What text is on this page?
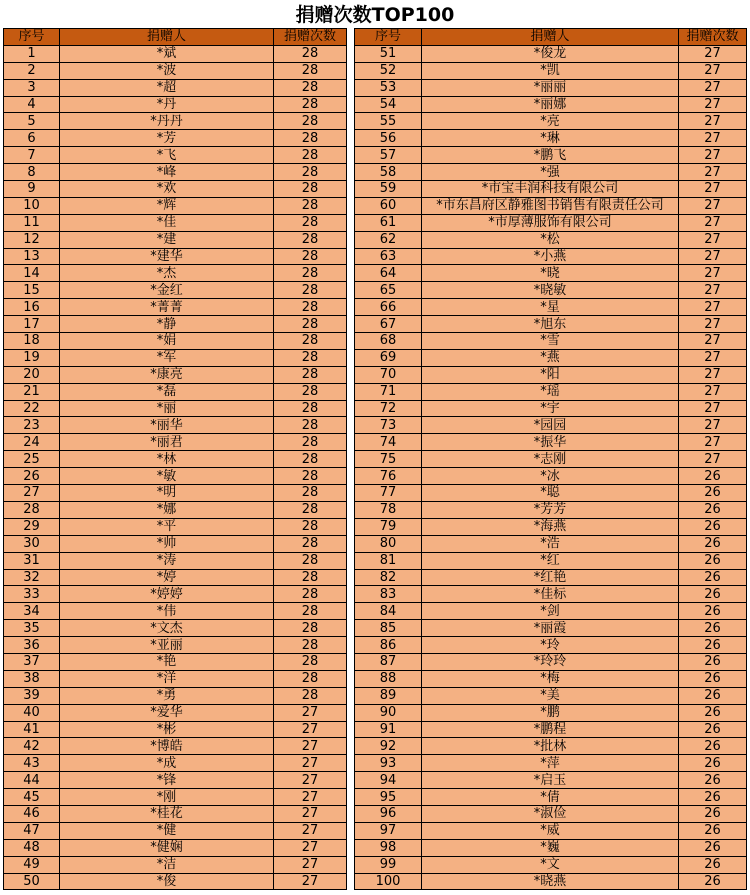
捐赠次数TOP100
序号	捐赠人	捐赠次数
1	*斌	28
2	*波	28
3	*超	28
4	*丹	28
5	*丹丹	28
6	*芳	28
7	*飞	28
8	*峰	28
9	*欢	28
10	*辉	28
11	*佳	28
12	*建	28
13	*建华	28
14	*杰	28
15	*金红	28
16	*菁菁	28
17	*静	28
18	*娟	28
19	*军	28
20	*康亮	28
21	*磊	28
22	*丽	28
23	*丽华	28
24	*丽君	28
25	*林	28
26	*敏	28
27	*明	28
28	*娜	28
29	*平	28
30	*帅	28
31	*涛	28
32	*婷	28
33	*婷婷	28
34	*伟	28
35	*文杰	28
36	*亚丽	28
37	*艳	28
38	*洋	28
39	*勇	28
40	*爱华	27
41	*彬	27
42	*博皓	27
43	*成	27
44	*锋	27
45	*刚	27
46	*桂花	27
47	*健	27
48	*健娴	27
49	*洁	27
50	*俊	27
序号	捐赠人	捐赠次数
51	*俊龙	27
52	*凯	27
53	*丽丽	27
54	*丽娜	27
55	*亮	27
56	*琳	27
57	*鹏飞	27
58	*强	27
59	*市宝丰润科技有限公司	27
60	*市东昌府区静雅图书销售有限责任公司	27
61	*市厚薄服饰有限公司	27
62	*松	27
63	*小燕	27
64	*晓	27
65	*晓敏	27
66	*星	27
67	*旭东	27
68	*雪	27
69	*燕	27
70	*阳	27
71	*瑶	27
72	*宇	27
73	*园园	27
74	*振华	27
75	*志刚	27
76	*冰	26
77	*聪	26
78	*芳芳	26
79	*海燕	26
80	*浩	26
81	*红	26
82	*红艳	26
83	*佳标	26
84	*剑	26
85	*丽霞	26
86	*玲	26
87	*玲玲	26
88	*梅	26
89	*美	26
90	*鹏	26
91	*鹏程	26
92	*批林	26
93	*萍	26
94	*启玉	26
95	*倩	26
96	*淑俭	26
97	*威	26
98	*巍	26
99	*文	26
100	*晓燕	26
